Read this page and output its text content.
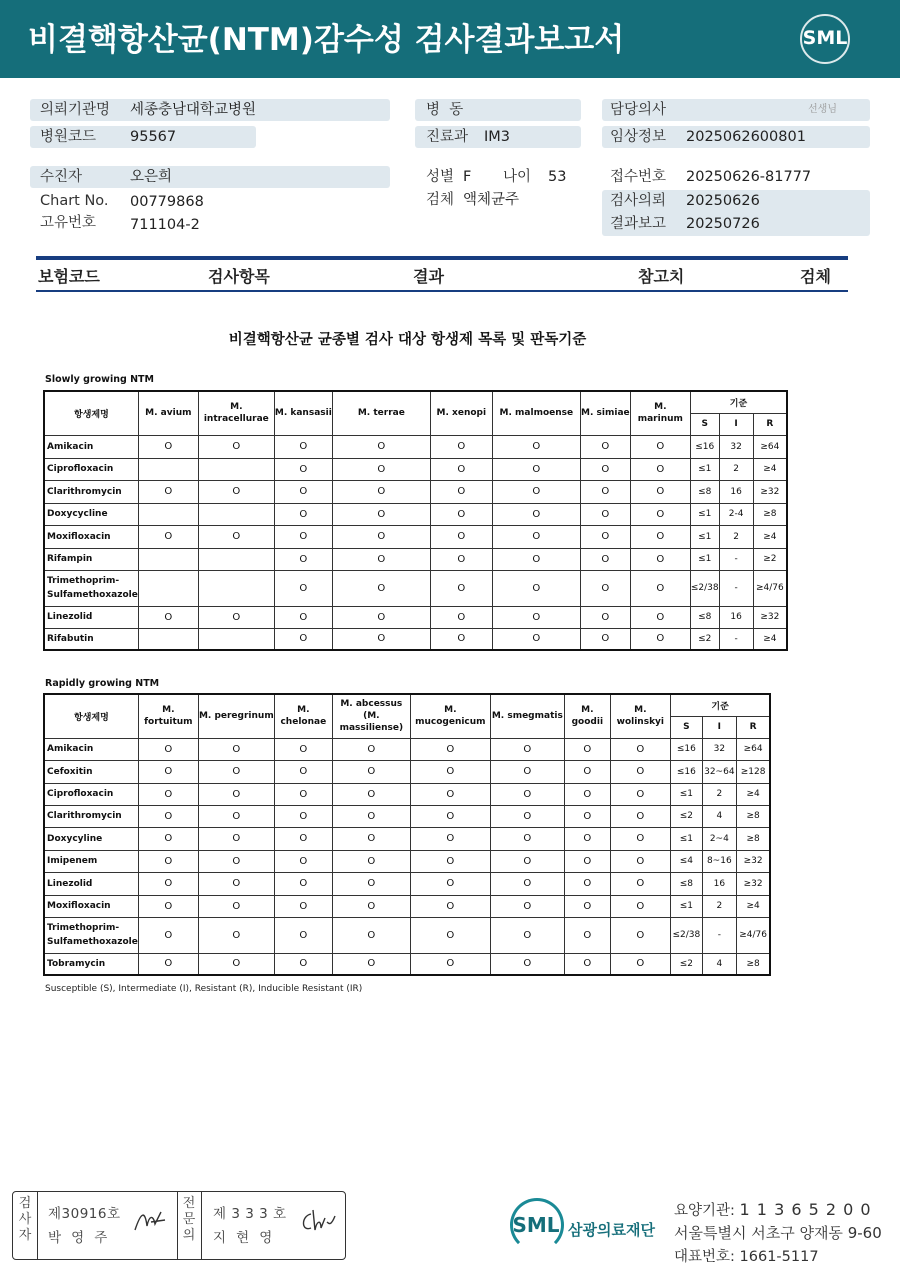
비결핵항산균(NTM)감수성 검사결과보고서	SML
의뢰기관명 세종충남대학교병원
병원코드 95567
병  동
진료과 IM3
담당의사	선생님
임상정보 2025062600801
수진자	오은희
Chart No. 00779868
고유번호 711104-2
성별 F 나이 53
검체 액체균주
접수번호 20250626-81777
검사의뢰 20250626
결과보고 20250726
보험코드	검사항목	결과	참고치	검체
비결핵항산균 균종별 검사 대상 항생제 목록 및 판독기준
Slowly growing NTM
항생제명	M. avium	M. intracellurae	M. kansasii	M. terrae	M. xenopi	M. malmoense	M. simiae	M. marinum	기준		
									S	I	R
Amikacin	O	O	O	O	O	O	O	O	≤16	32	≥64
Ciprofloxacin			O	O	O	O	O	O	≤1	2	≥4
Clarithromycin	O	O	O	O	O	O	O	O	≤8	16	≥32
Doxycycline			O	O	O	O	O	O	≤1	2-4	≥8
Moxifloxacin	O	O	O	O	O	O	O	O	≤1	2	≥4
Rifampin			O	O	O	O	O	O	≤1	-	≥2
Trimethoprim-
Sulfamethoxazole			O	O	O	O	O	O	≤2/38	-	≥4/76
Linezolid	O	O	O	O	O	O	O	O	≤8	16	≥32
Rifabutin			O	O	O	O	O	O	≤2	-	≥4
Rapidly growing NTM
항생제명	M. fortuitum	M. peregrinum	M. chelonae	M. abcessus
(M. massiliense)	M. mucogenicum	M. smegmatis	M. goodii	M. wolinskyi	기준		
									S	I	R
Amikacin	O	O	O	O	O	O	O	O	≤16	32	≥64
Cefoxitin	O	O	O	O	O	O	O	O	≤16	32~64	≥128
Ciprofloxacin	O	O	O	O	O	O	O	O	≤1	2	≥4
Clarithromycin	O	O	O	O	O	O	O	O	≤2	4	≥8
Doxycyline	O	O	O	O	O	O	O	O	≤1	2~4	≥8
Imipenem	O	O	O	O	O	O	O	O	≤4	8~16	≥32
Linezolid	O	O	O	O	O	O	O	O	≤8	16	≥32
Moxifloxacin	O	O	O	O	O	O	O	O	≤1	2	≥4
Trimethoprim-
Sulfamethoxazole	O	O	O	O	O	O	O	O	≤2/38	-	≥4/76
Tobramycin	O	O	O	O	O	O	O	O	≤2	4	≥8
Susceptible (S), Intermediate (I), Resistant (R), Inducible Resistant (IR)
검사자
제30916호
박  영  주
전문의
제 3 3 3 호
지  현  영
SML 삼광의료재단
요양기관: 1 1 3 6 5 2 0 0
서울특별시 서초구 양재동 9-60
대표번호: 1661-5117
